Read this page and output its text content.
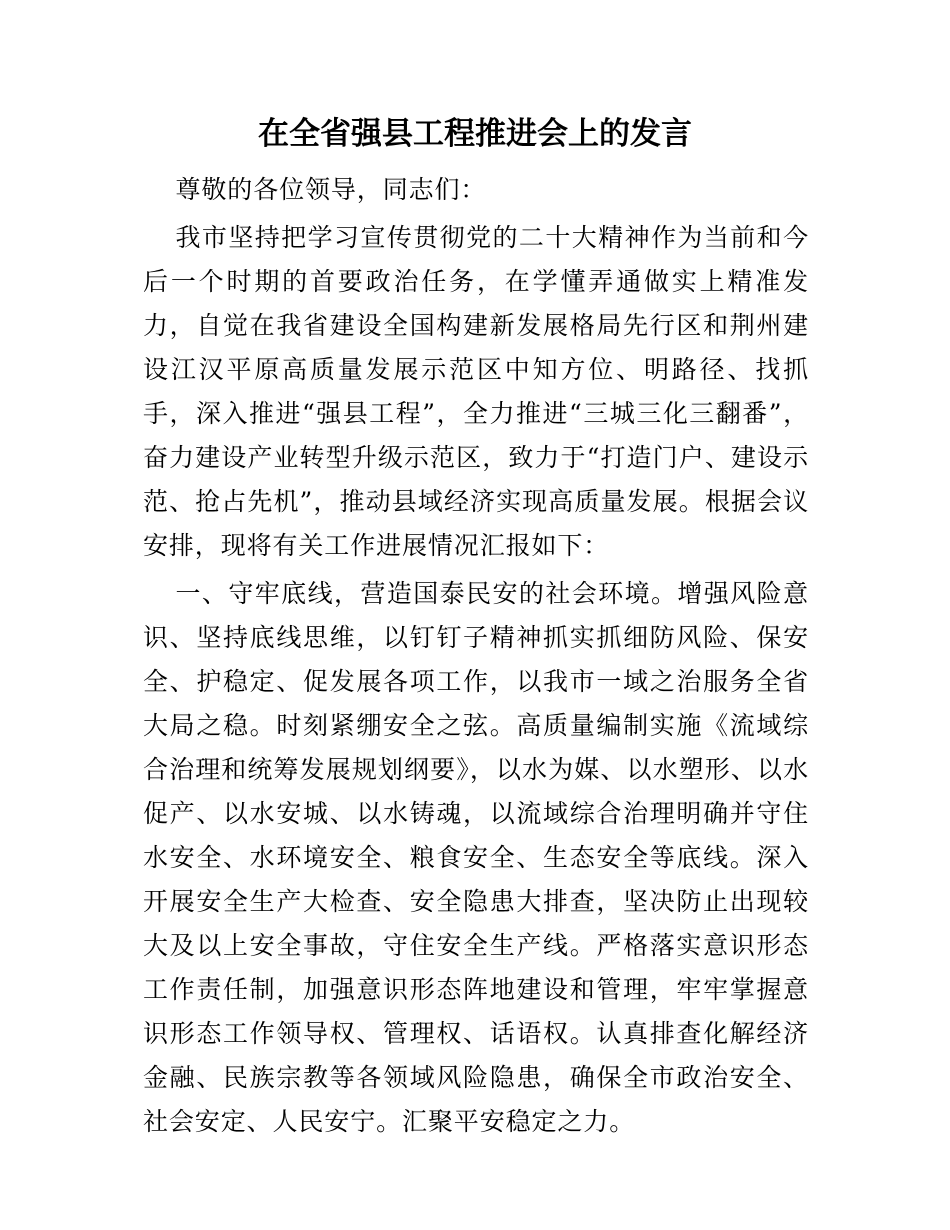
在全省强县工程推进会上的发言

尊敬的各位领导，同志们：

我市坚持把学习宣传贯彻党的二十大精神作为当前和今后一个时期的首要政治任务，在学懂弄通做实上精准发力，自觉在我省建设全国构建新发展格局先行区和荆州建设江汉平原高质量发展示范区中知方位、明路径、找抓手，深入推进“强县工程”，全力推进“三城三化三翻番”，奋力建设产业转型升级示范区，致力于“打造门户、建设示范、抢占先机”，推动县域经济实现高质量发展。根据会议安排，现将有关工作进展情况汇报如下：

一、守牢底线，营造国泰民安的社会环境。增强风险意识、坚持底线思维，以钉钉子精神抓实抓细防风险、保安全、护稳定、促发展各项工作，以我市一域之治服务全省大局之稳。时刻紧绷安全之弦。高质量编制实施《流域综合治理和统筹发展规划纲要》，以水为媒、以水塑形、以水促产、以水安城、以水铸魂，以流域综合治理明确并守住水安全、水环境安全、粮食安全、生态安全等底线。深入开展安全生产大检查、安全隐患大排查，坚决防止出现较大及以上安全事故，守住安全生产线。严格落实意识形态工作责任制，加强意识形态阵地建设和管理，牢牢掌握意识形态工作领导权、管理权、话语权。认真排查化解经济金融、民族宗教等各领域风险隐患，确保全市政治安全、社会安定、人民安宁。汇聚平安稳定之力。
